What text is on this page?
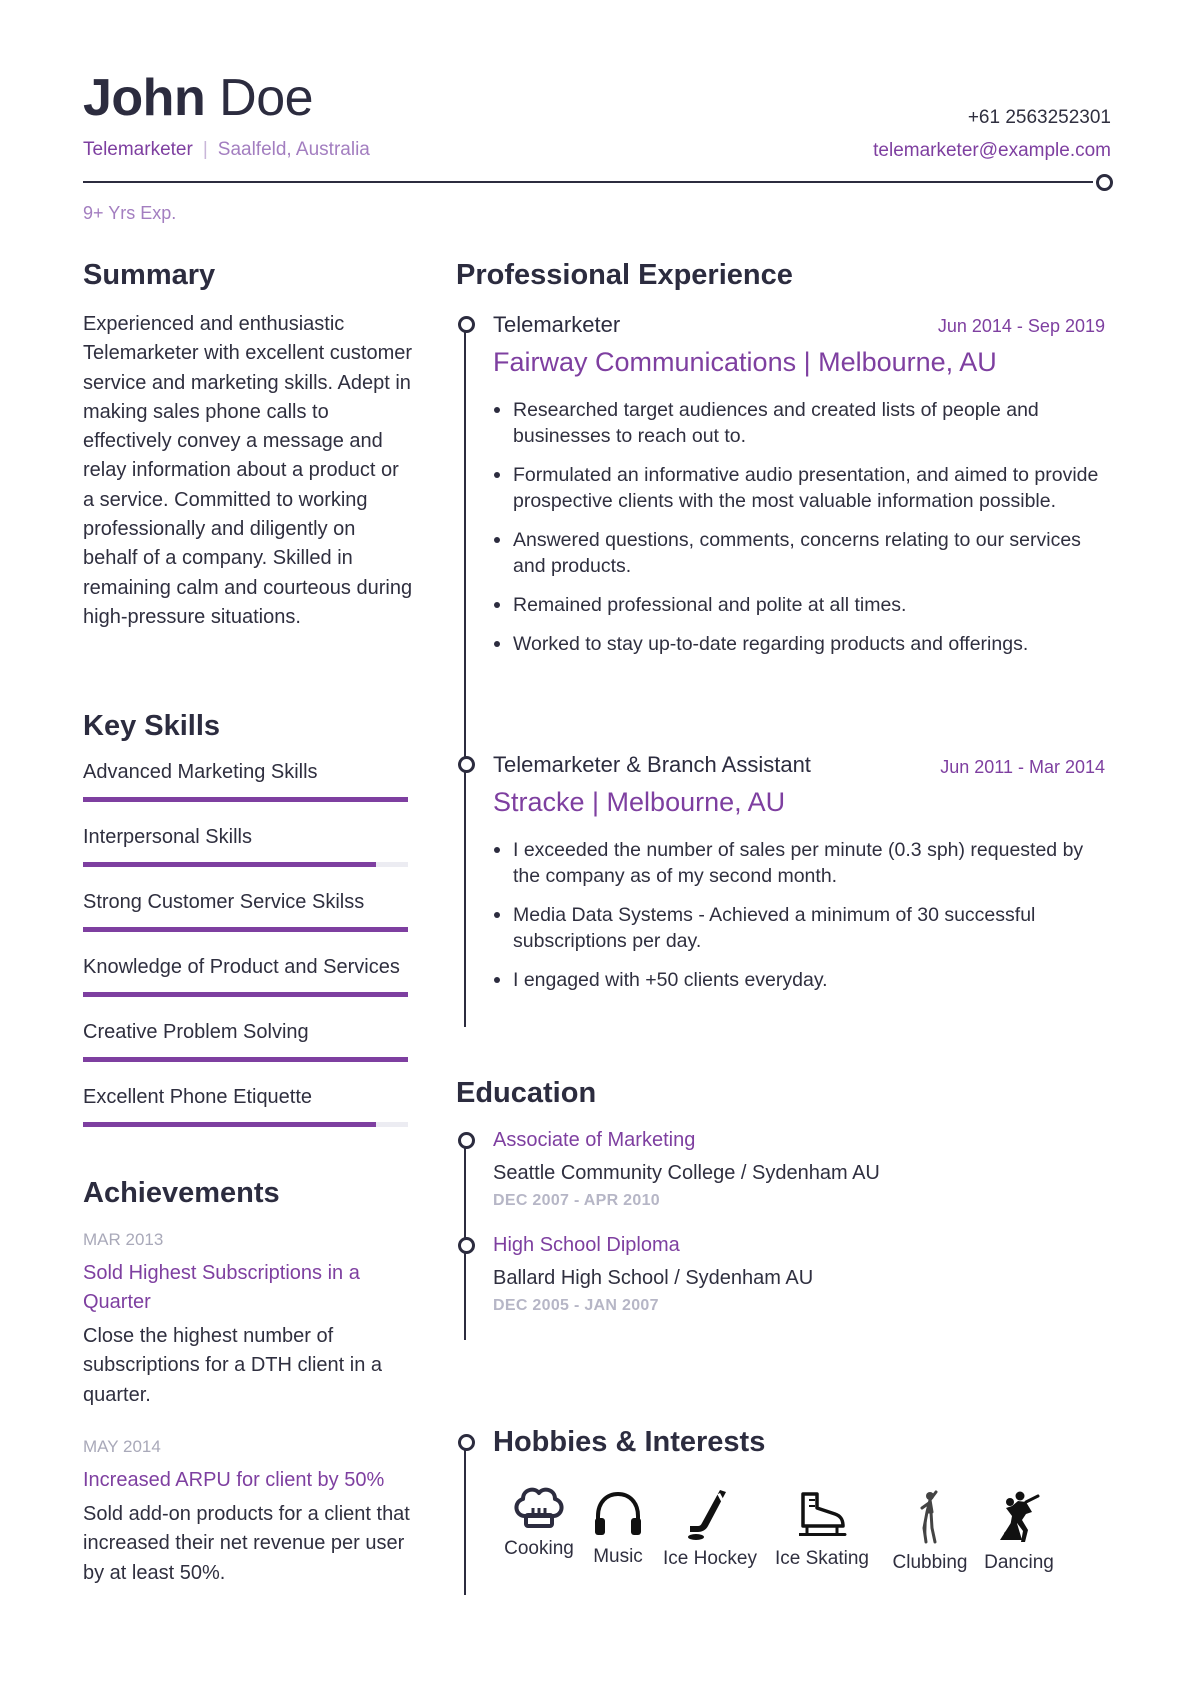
John Doe
Telemarketer | Saalfeld, Australia
+61 2563252301
telemarketer@example.com
9+ Yrs Exp.
Summary
Experienced and enthusiastic Telemarketer with excellent customer service and marketing skills. Adept in making sales phone calls to effectively convey a message and relay information about a product or a service. Committed to working professionally and diligently on behalf of a company. Skilled in remaining calm and courteous during high-pressure situations.
Key Skills
Advanced Marketing Skills
Interpersonal Skills
Strong Customer Service Skilss
Knowledge of Product and Services
Creative Problem Solving
Excellent Phone Etiquette
Achievements
MAR 2013
Sold Highest Subscriptions in a Quarter
Close the highest number of subscriptions for a DTH client in a quarter.
MAY 2014
Increased ARPU for client by 50%
Sold add-on products for a client that increased their net revenue per user by at least 50%.
Professional Experience
Telemarketer	Jun 2014 - Sep 2019
Fairway Communications | Melbourne, AU
Researched target audiences and created lists of people and businesses to reach out to.
Formulated an informative audio presentation, and aimed to provide prospective clients with the most valuable information possible.
Answered questions, comments, concerns relating to our services and products.
Remained professional and polite at all times.
Worked to stay up-to-date regarding products and offerings.
Telemarketer & Branch Assistant	Jun 2011 - Mar 2014
Stracke | Melbourne, AU
I exceeded the number of sales per minute (0.3 sph) requested by the company as of my second month.
Media Data Systems - Achieved a minimum of 30 successful subscriptions per day.
I engaged with +50 clients everyday.
Education
Associate of Marketing
Seattle Community College / Sydenham AU
DEC 2007 - APR 2010
High School Diploma
Ballard High School / Sydenham AU
DEC 2005 - JAN 2007
Hobbies & Interests
Cooking	Music	Ice Hockey Ice Skating	Clubbing Dancing
